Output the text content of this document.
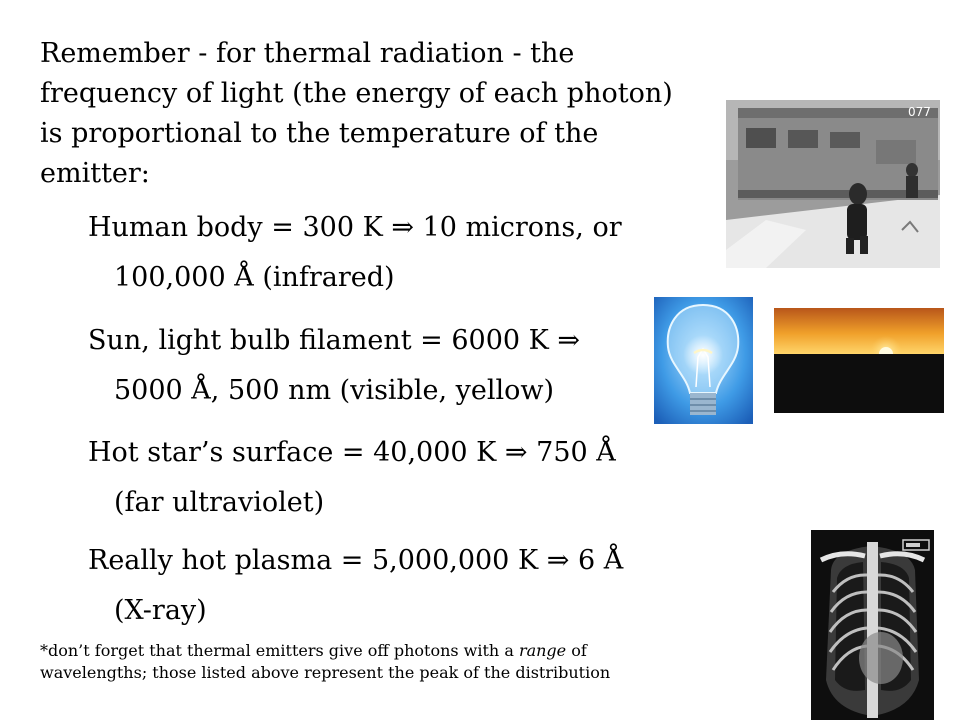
Remember - for thermal radiation - the frequency of light (the energy of each photon) is proportional to the temperature of the emitter:
Human body = 300 K ⇒ 10 microns, or
100,000 Å (infrared)
Sun, light bulb filament = 6000 K ⇒
5000 Å, 500 nm (visible, yellow)
Hot star’s surface = 40,000 K ⇒ 750 Å
(far ultraviolet)
Really hot plasma = 5,000,000 K ⇒ 6 Å
(X-ray)
*don’t forget that thermal emitters give off photons with a range of wavelengths; those listed above represent the peak of the distribution
077
